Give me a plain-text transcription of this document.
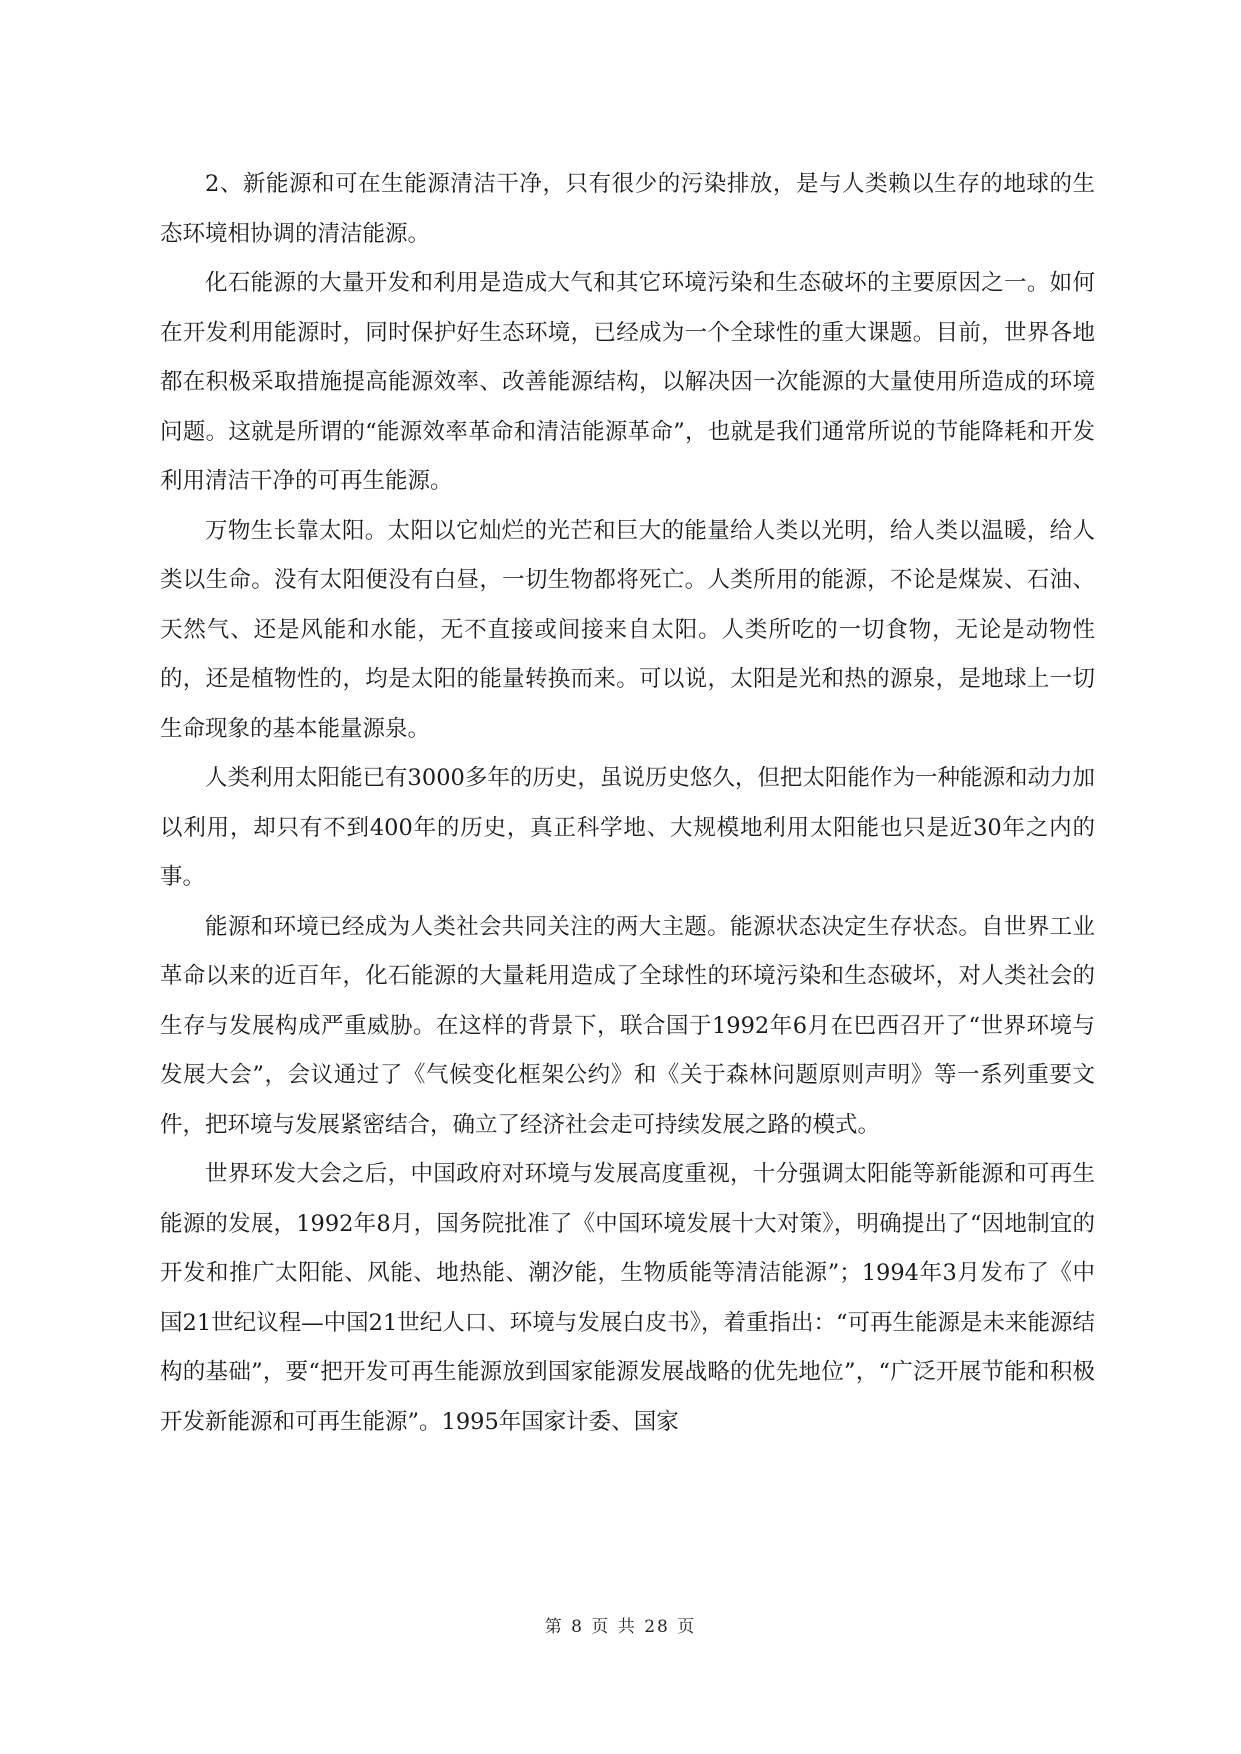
2、新能源和可在生能源清洁干净，只有很少的污染排放，是与人类赖以生存的地球的生态环境相协调的清洁能源。

化石能源的大量开发和利用是造成大气和其它环境污染和生态破坏的主要原因之一。如何在开发利用能源时，同时保护好生态环境，已经成为一个全球性的重大课题。目前，世界各地都在积极采取措施提高能源效率、改善能源结构，以解决因一次能源的大量使用所造成的环境问题。这就是所谓的“能源效率革命和清洁能源革命”，也就是我们通常所说的节能降耗和开发利用清洁干净的可再生能源。

万物生长靠太阳。太阳以它灿烂的光芒和巨大的能量给人类以光明，给人类以温暖，给人类以生命。没有太阳便没有白昼，一切生物都将死亡。人类所用的能源，不论是煤炭、石油、天然气、还是风能和水能，无不直接或间接来自太阳。人类所吃的一切食物，无论是动物性的，还是植物性的，均是太阳的能量转换而来。可以说，太阳是光和热的源泉，是地球上一切生命现象的基本能量源泉。

人类利用太阳能已有3000多年的历史，虽说历史悠久，但把太阳能作为一种能源和动力加以利用，却只有不到400年的历史，真正科学地、大规模地利用太阳能也只是近30年之内的事。

能源和环境已经成为人类社会共同关注的两大主题。能源状态决定生存状态。自世界工业革命以来的近百年，化石能源的大量耗用造成了全球性的环境污染和生态破坏，对人类社会的生存与发展构成严重威胁。在这样的背景下，联合国于1992年6月在巴西召开了“世界环境与发展大会”，会议通过了《气候变化框架公约》和《关于森林问题原则声明》等一系列重要文件，把环境与发展紧密结合，确立了经济社会走可持续发展之路的模式。

世界环发大会之后，中国政府对环境与发展高度重视，十分强调太阳能等新能源和可再生能源的发展，1992年8月，国务院批准了《中国环境发展十大对策》，明确提出了“因地制宜的开发和推广太阳能、风能、地热能、潮汐能，生物质能等清洁能源”；1994年3月发布了《中国21世纪议程—中国21世纪人口、环境与发展白皮书》，着重指出：“可再生能源是未来能源结构的基础”，要“把开发可再生能源放到国家能源发展战略的优先地位”，“广泛开展节能和积极开发新能源和可再生能源”。1995年国家计委、国家

第 8 页 共 28 页
